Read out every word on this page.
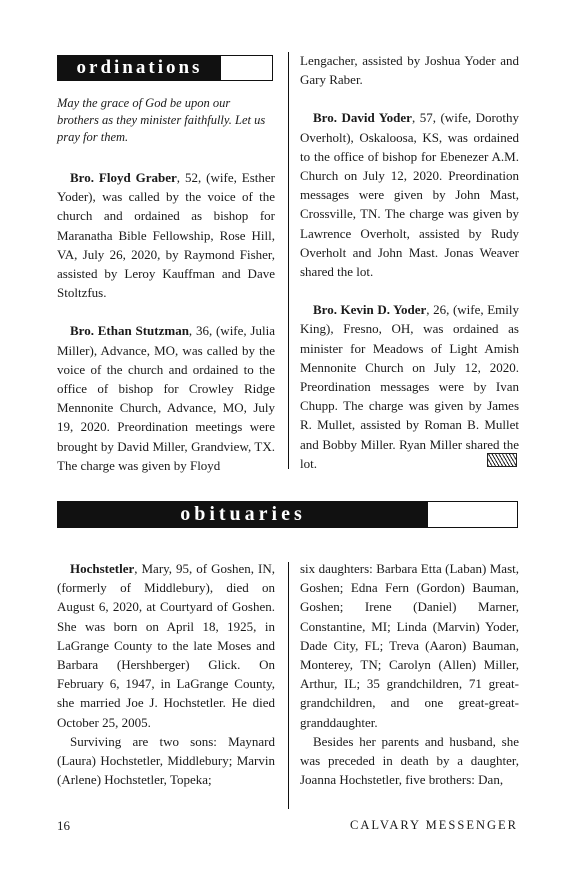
ordinations
May the grace of God be upon our brothers as they minister faithfully. Let us pray for them.

Bro. Floyd Graber, 52, (wife, Esther Yoder), was called by the voice of the church and ordained as bishop for Maranatha Bible Fellowship, Rose Hill, VA, July 26, 2020, by Raymond Fisher, assisted by Leroy Kauffman and Dave Stoltzfus.

Bro. Ethan Stutzman, 36, (wife, Julia Miller), Advance, MO, was called by the voice of the church and ordained to the office of bishop for Crowley Ridge Mennonite Church, Advance, MO, July 19, 2020. Preordination meetings were brought by David Miller, Grandview, TX. The charge was given by Floyd

Lengacher, assisted by Joshua Yoder and Gary Raber.

Bro. David Yoder, 57, (wife, Dorothy Overholt), Oskaloosa, KS, was ordained to the office of bishop for Ebenezer A.M. Church on July 12, 2020. Preordination messages were given by John Mast, Crossville, TN. The charge was given by Lawrence Overholt, assisted by Rudy Overholt and John Mast. Jonas Weaver shared the lot.

Bro. Kevin D. Yoder, 26, (wife, Emily King), Fresno, OH, was ordained as minister for Meadows of Light Amish Mennonite Church on July 12, 2020. Preordination messages were by Ivan Chupp. The charge was given by James R. Mullet, assisted by Roman B. Mullet and Bobby Miller. Ryan Miller shared the lot.

obituaries

Hochstetler, Mary, 95, of Goshen, IN, (formerly of Middlebury), died on August 6, 2020, at Courtyard of Goshen. She was born on April 18, 1925, in LaGrange County to the late Moses and Barbara (Hershberger) Glick. On February 6, 1947, in LaGrange County, she married Joe J. Hochstetler. He died October 25, 2005.

Surviving are two sons: Maynard (Laura) Hochstetler, Middlebury; Marvin (Arlene) Hochstetler, Topeka;

six daughters: Barbara Etta (Laban) Mast, Goshen; Edna Fern (Gordon) Bauman, Goshen; Irene (Daniel) Marner, Constantine, MI; Linda (Marvin) Yoder, Dade City, FL; Treva (Aaron) Bauman, Monterey, TN; Carolyn (Allen) Miller, Arthur, IL; 35 grandchildren, 71 great-grandchildren, and one great-great-granddaughter.

Besides her parents and husband, she was preceded in death by a daughter, Joanna Hochstetler, five brothers: Dan,

16	CALVARY MESSENGER
